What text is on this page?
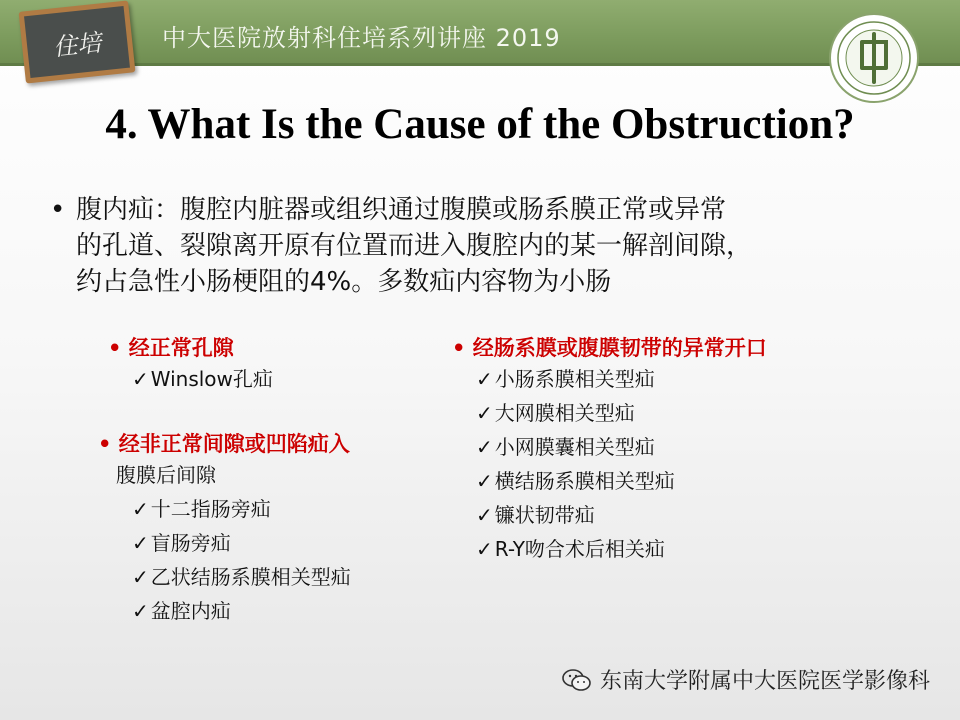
住培 中大医院放射科住培系列讲座 2019
4. What Is the Cause of the Obstruction?
• 腹内疝：腹腔内脏器或组织通过腹膜或肠系膜正常或异常
的孔道、裂隙离开原有位置而进入腹腔内的某一解剖间隙，
约占急性小肠梗阻的4%。多数疝内容物为小肠
• 经正常孔隙
✓ Winslow孔疝
• 经非正常间隙或凹陷疝入
腹膜后间隙
✓ 十二指肠旁疝
✓ 盲肠旁疝
✓ 乙状结肠系膜相关型疝
✓ 盆腔内疝
• 经肠系膜或腹膜韧带的异常开口
✓ 小肠系膜相关型疝
✓ 大网膜相关型疝
✓ 小网膜囊相关型疝
✓ 横结肠系膜相关型疝
✓ 镰状韧带疝
✓ R-Y吻合术后相关疝
东南大学附属中大医院医学影像科
